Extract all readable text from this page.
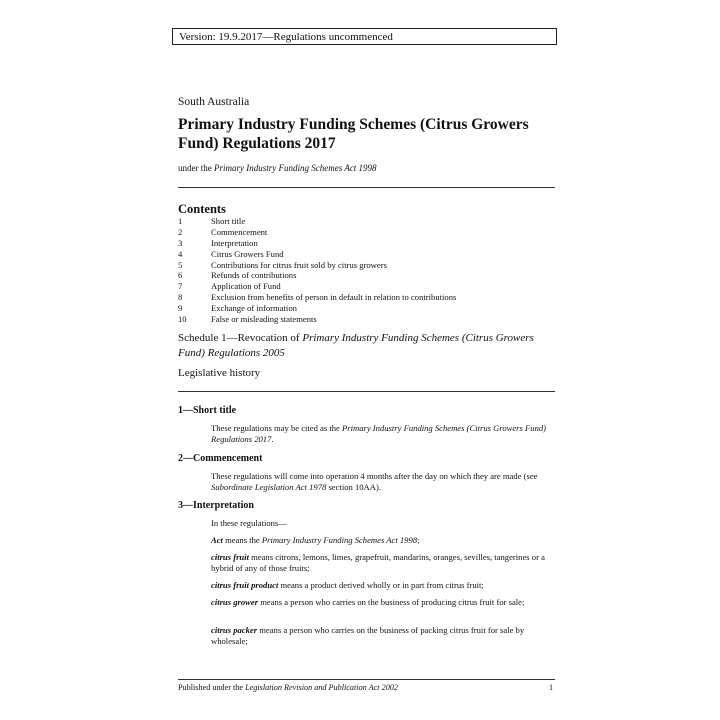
Version: 19.9.2017—Regulations uncommenced
South Australia
Primary Industry Funding Schemes (Citrus Growers Fund) Regulations 2017
under the Primary Industry Funding Schemes Act 1998
Contents
1	Short title
2	Commencement
3	Interpretation
4	Citrus Growers Fund
5	Contributions for citrus fruit sold by citrus growers
6	Refunds of contributions
7	Application of Fund
8	Exclusion from benefits of person in default in relation to contributions
9	Exchange of information
10	False or misleading statements
Schedule 1—Revocation of Primary Industry Funding Schemes (Citrus Growers Fund) Regulations 2005
Legislative history
1—Short title
These regulations may be cited as the Primary Industry Funding Schemes (Citrus Growers Fund) Regulations 2017.
2—Commencement
These regulations will come into operation 4 months after the day on which they are made (see Subordinate Legislation Act 1978 section 10AA).
3—Interpretation
In these regulations—
Act means the Primary Industry Funding Schemes Act 1998;
citrus fruit means citrons, lemons, limes, grapefruit, mandarins, oranges, sevilles, tangerines or a hybrid of any of those fruits;
citrus fruit product means a product derived wholly or in part from citrus fruit;
citrus grower means a person who carries on the business of producing citrus fruit for sale;
citrus packer means a person who carries on the business of packing citrus fruit for sale by wholesale;
Published under the Legislation Revision and Publication Act 2002	1
